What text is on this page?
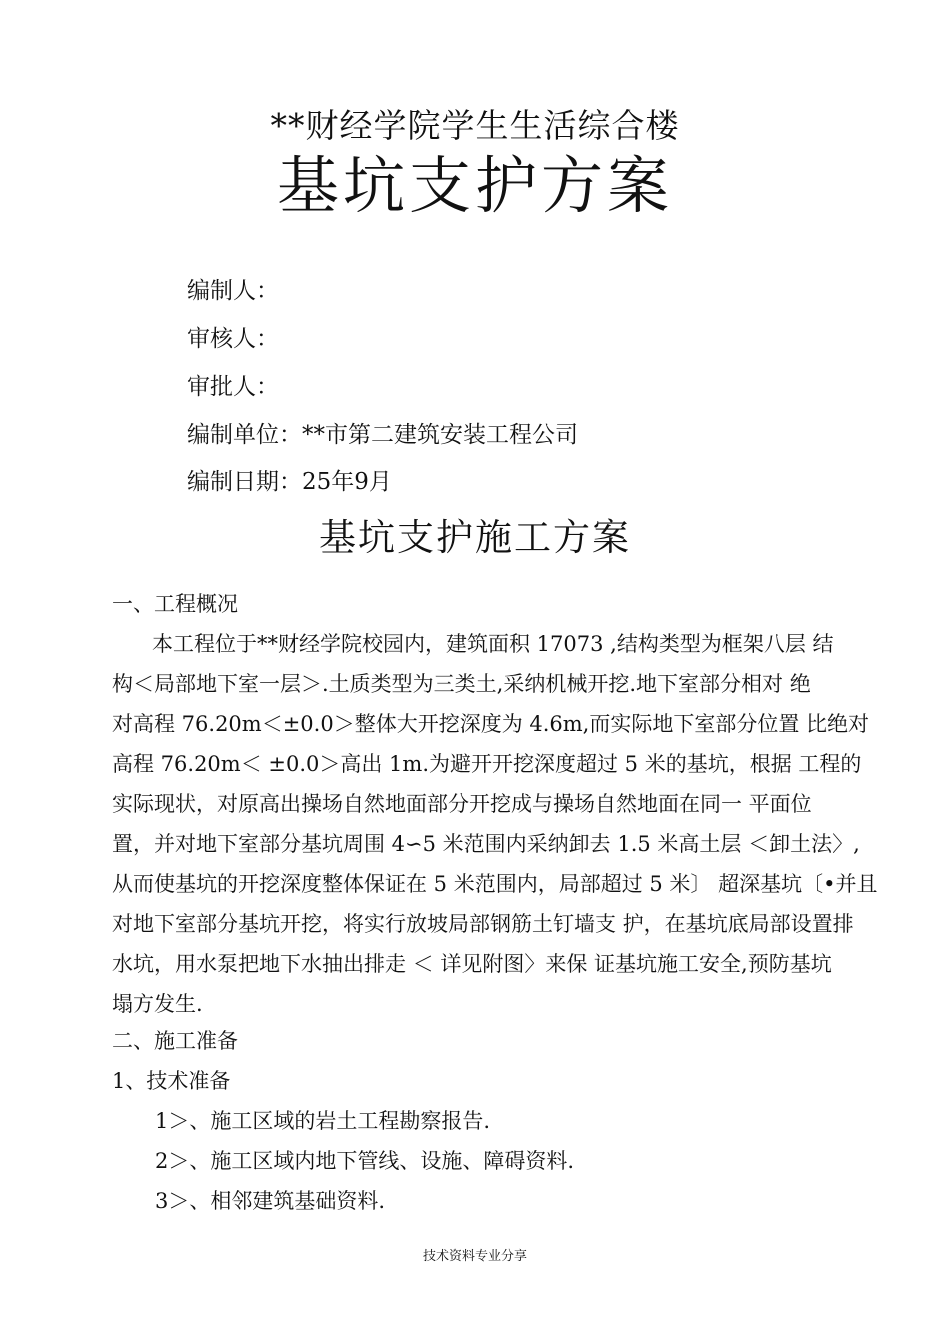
**财经学院学生生活综合楼
基坑支护方案
编制人：
审核人：
审批人：
编制单位：**市第二建筑安装工程公司
编制日期：25年9月
基坑支护施工方案
一、工程概况
本工程位于**财经学院校园内，建筑面积 17073 ,结构类型为框架八层 结
构＜局部地下室一层＞.土质类型为三类土,采纳机械开挖.地下室部分相对 绝
对高程 76.20m＜±0.0＞整体大开挖深度为 4.6m,而实际地下室部分位置 比绝对
高程 76.20m＜ ±0.0＞高出 1m.为避开开挖深度超过 5 米的基坑，根据 工程的
实际现状，对原高出操场自然地面部分开挖成与操场自然地面在同一 平面位
置，并对地下室部分基坑周围 4∽5 米范围内采纳卸去 1.5 米高土层 ＜卸土法〉,
从而使基坑的开挖深度整体保证在 5 米范围内，局部超过 5 米〕 超深基坑〔•并且
对地下室部分基坑开挖，将实行放坡局部钢筋土钉墙支 护，在基坑底局部设置排
水坑，用水泵把地下水抽出排走 ＜ 详见附图〉来保 证基坑施工安全,预防基坑
塌方发生.
二、施工准备
1、技术准备
1＞、施工区域的岩土工程勘察报告.
2＞、施工区域内地下管线、设施、障碍资料.
3＞、相邻建筑基础资料.
技术资料专业分享
